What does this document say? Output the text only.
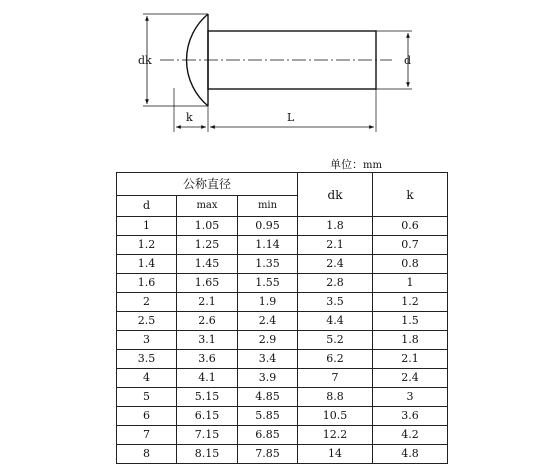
dk	d
k	L
单位：mm
公称直径			dk	k
d	max	min		
1	1.05	0.95	1.8	0.6
1.2	1.25	1.14	2.1	0.7
1.4	1.45	1.35	2.4	0.8
1.6	1.65	1.55	2.8	1
2	2.1	1.9	3.5	1.2
2.5	2.6	2.4	4.4	1.5
3	3.1	2.9	5.2	1.8
3.5	3.6	3.4	6.2	2.1
4	4.1	3.9	7	2.4
5	5.15	4.85	8.8	3
6	6.15	5.85	10.5	3.6
7	7.15	6.85	12.2	4.2
8	8.15	7.85	14	4.8
